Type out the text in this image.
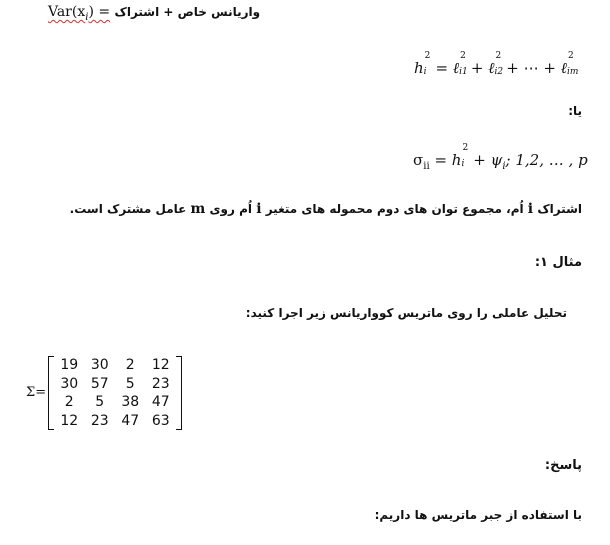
$Var(x_i)$ = واریانس خاص + اشتراک
h
2
i = ℓ
2
i1 + ℓ
2
i2 + ⋯ + ℓ
2
im
یا:
$\sigma_{ii} = h$
2
$i + \psi_i$; 1,2, … , p
اشتراک i اُم، مجموع توان های دوم محموله های متغیر i اُم روی m عامل مشترک است.
مثال ۱:
تحلیل عاملی را روی ماتریس کوواریانس زیر اجرا کنید:
Σ=
19 30	2	12
30 57	5	23
2	5	38 47
12 23 47 63
پاسخ:
با استفاده از جبر ماتریس ها داریم:
